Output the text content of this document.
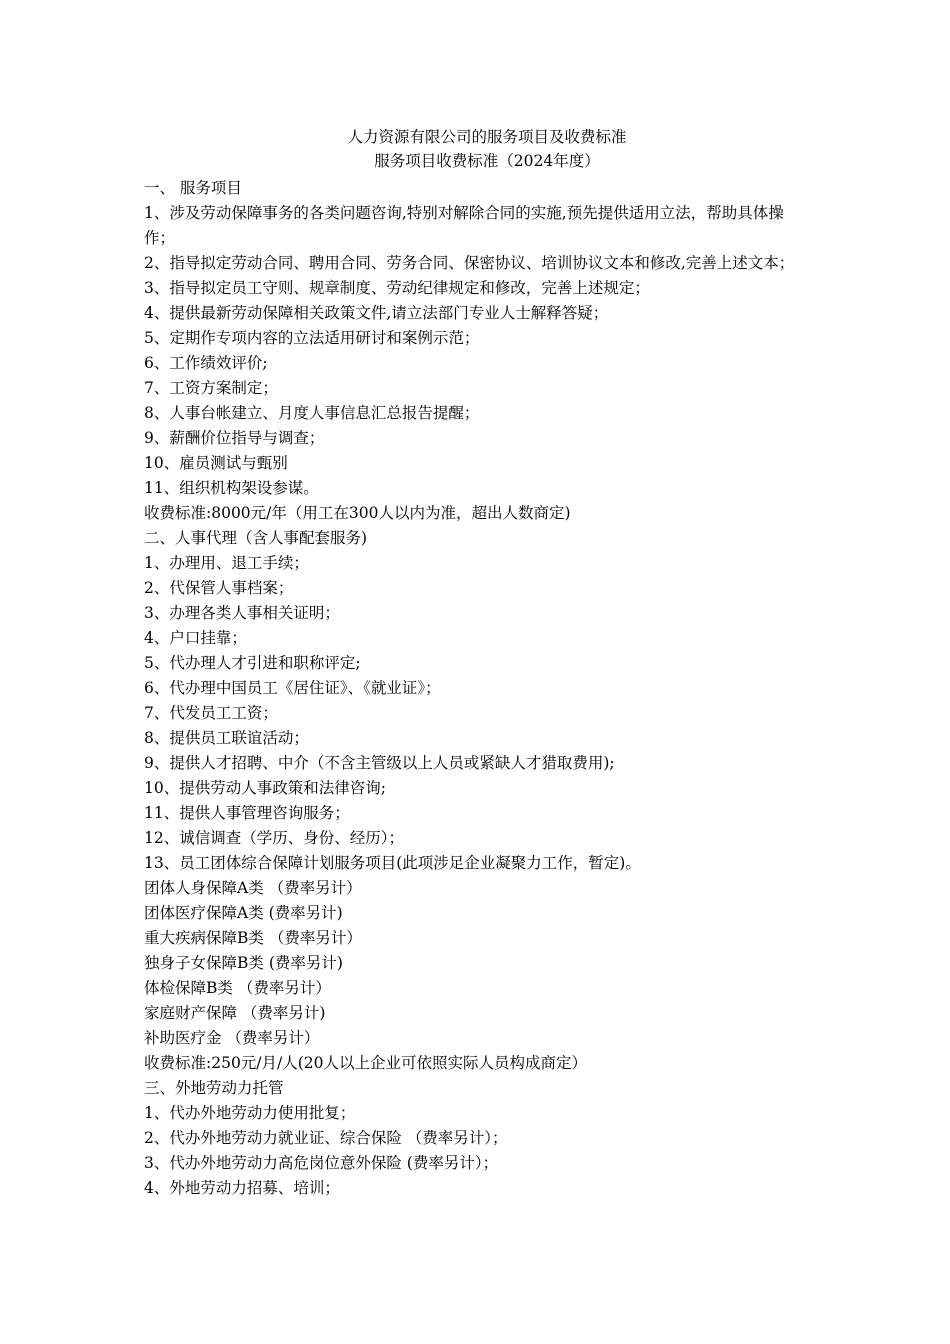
人力资源有限公司的服务项目及收费标准

服务项目收费标准（2024年度）

一、 服务项目

1、涉及劳动保障事务的各类问题咨询,特别对解除合同的实施,预先提供适用立法，帮助具体操作；

2、指导拟定劳动合同、聘用合同、劳务合同、保密协议、培训协议文本和修改,完善上述文本；

3、指导拟定员工守则、规章制度、劳动纪律规定和修改，完善上述规定；

4、提供最新劳动保障相关政策文件,请立法部门专业人士解释答疑；

5、定期作专项内容的立法适用研讨和案例示范；

6、工作绩效评价;

7、工资方案制定；

8、人事台帐建立、月度人事信息汇总报告提醒；

9、薪酬价位指导与调查；

10、雇员测试与甄别

11、组织机构架设参谋。

收费标准:8000元/年（用工在300人以内为准，超出人数商定)

二、人事代理（含人事配套服务)

1、办理用、退工手续；

2、代保管人事档案；

3、办理各类人事相关证明；

4、户口挂靠；

5、代办理人才引进和职称评定;

6、代办理中国员工《居住证》、《就业证》；

7、代发员工工资；

8、提供员工联谊活动；

9、提供人才招聘、中介（不含主管级以上人员或紧缺人才猎取费用);

10、提供劳动人事政策和法律咨询;

11、提供人事管理咨询服务；

12、诚信调查（学历、身份、经历）；

13、员工团体综合保障计划服务项目(此项涉足企业凝聚力工作，暂定)。

团体人身保障A类 （费率另计）

团体医疗保障A类 (费率另计)

重大疾病保障B类 （费率另计）

独身子女保障B类 (费率另计)

体检保障B类 （费率另计）

家庭财产保障 （费率另计)

补助医疗金 （费率另计）

收费标准:250元/月/人(20人以上企业可依照实际人员构成商定）

三、外地劳动力托管

1、代办外地劳动力使用批复；

2、代办外地劳动力就业证、综合保险 （费率另计）；

3、代办外地劳动力高危岗位意外保险 (费率另计）；

4、外地劳动力招募、培训；
